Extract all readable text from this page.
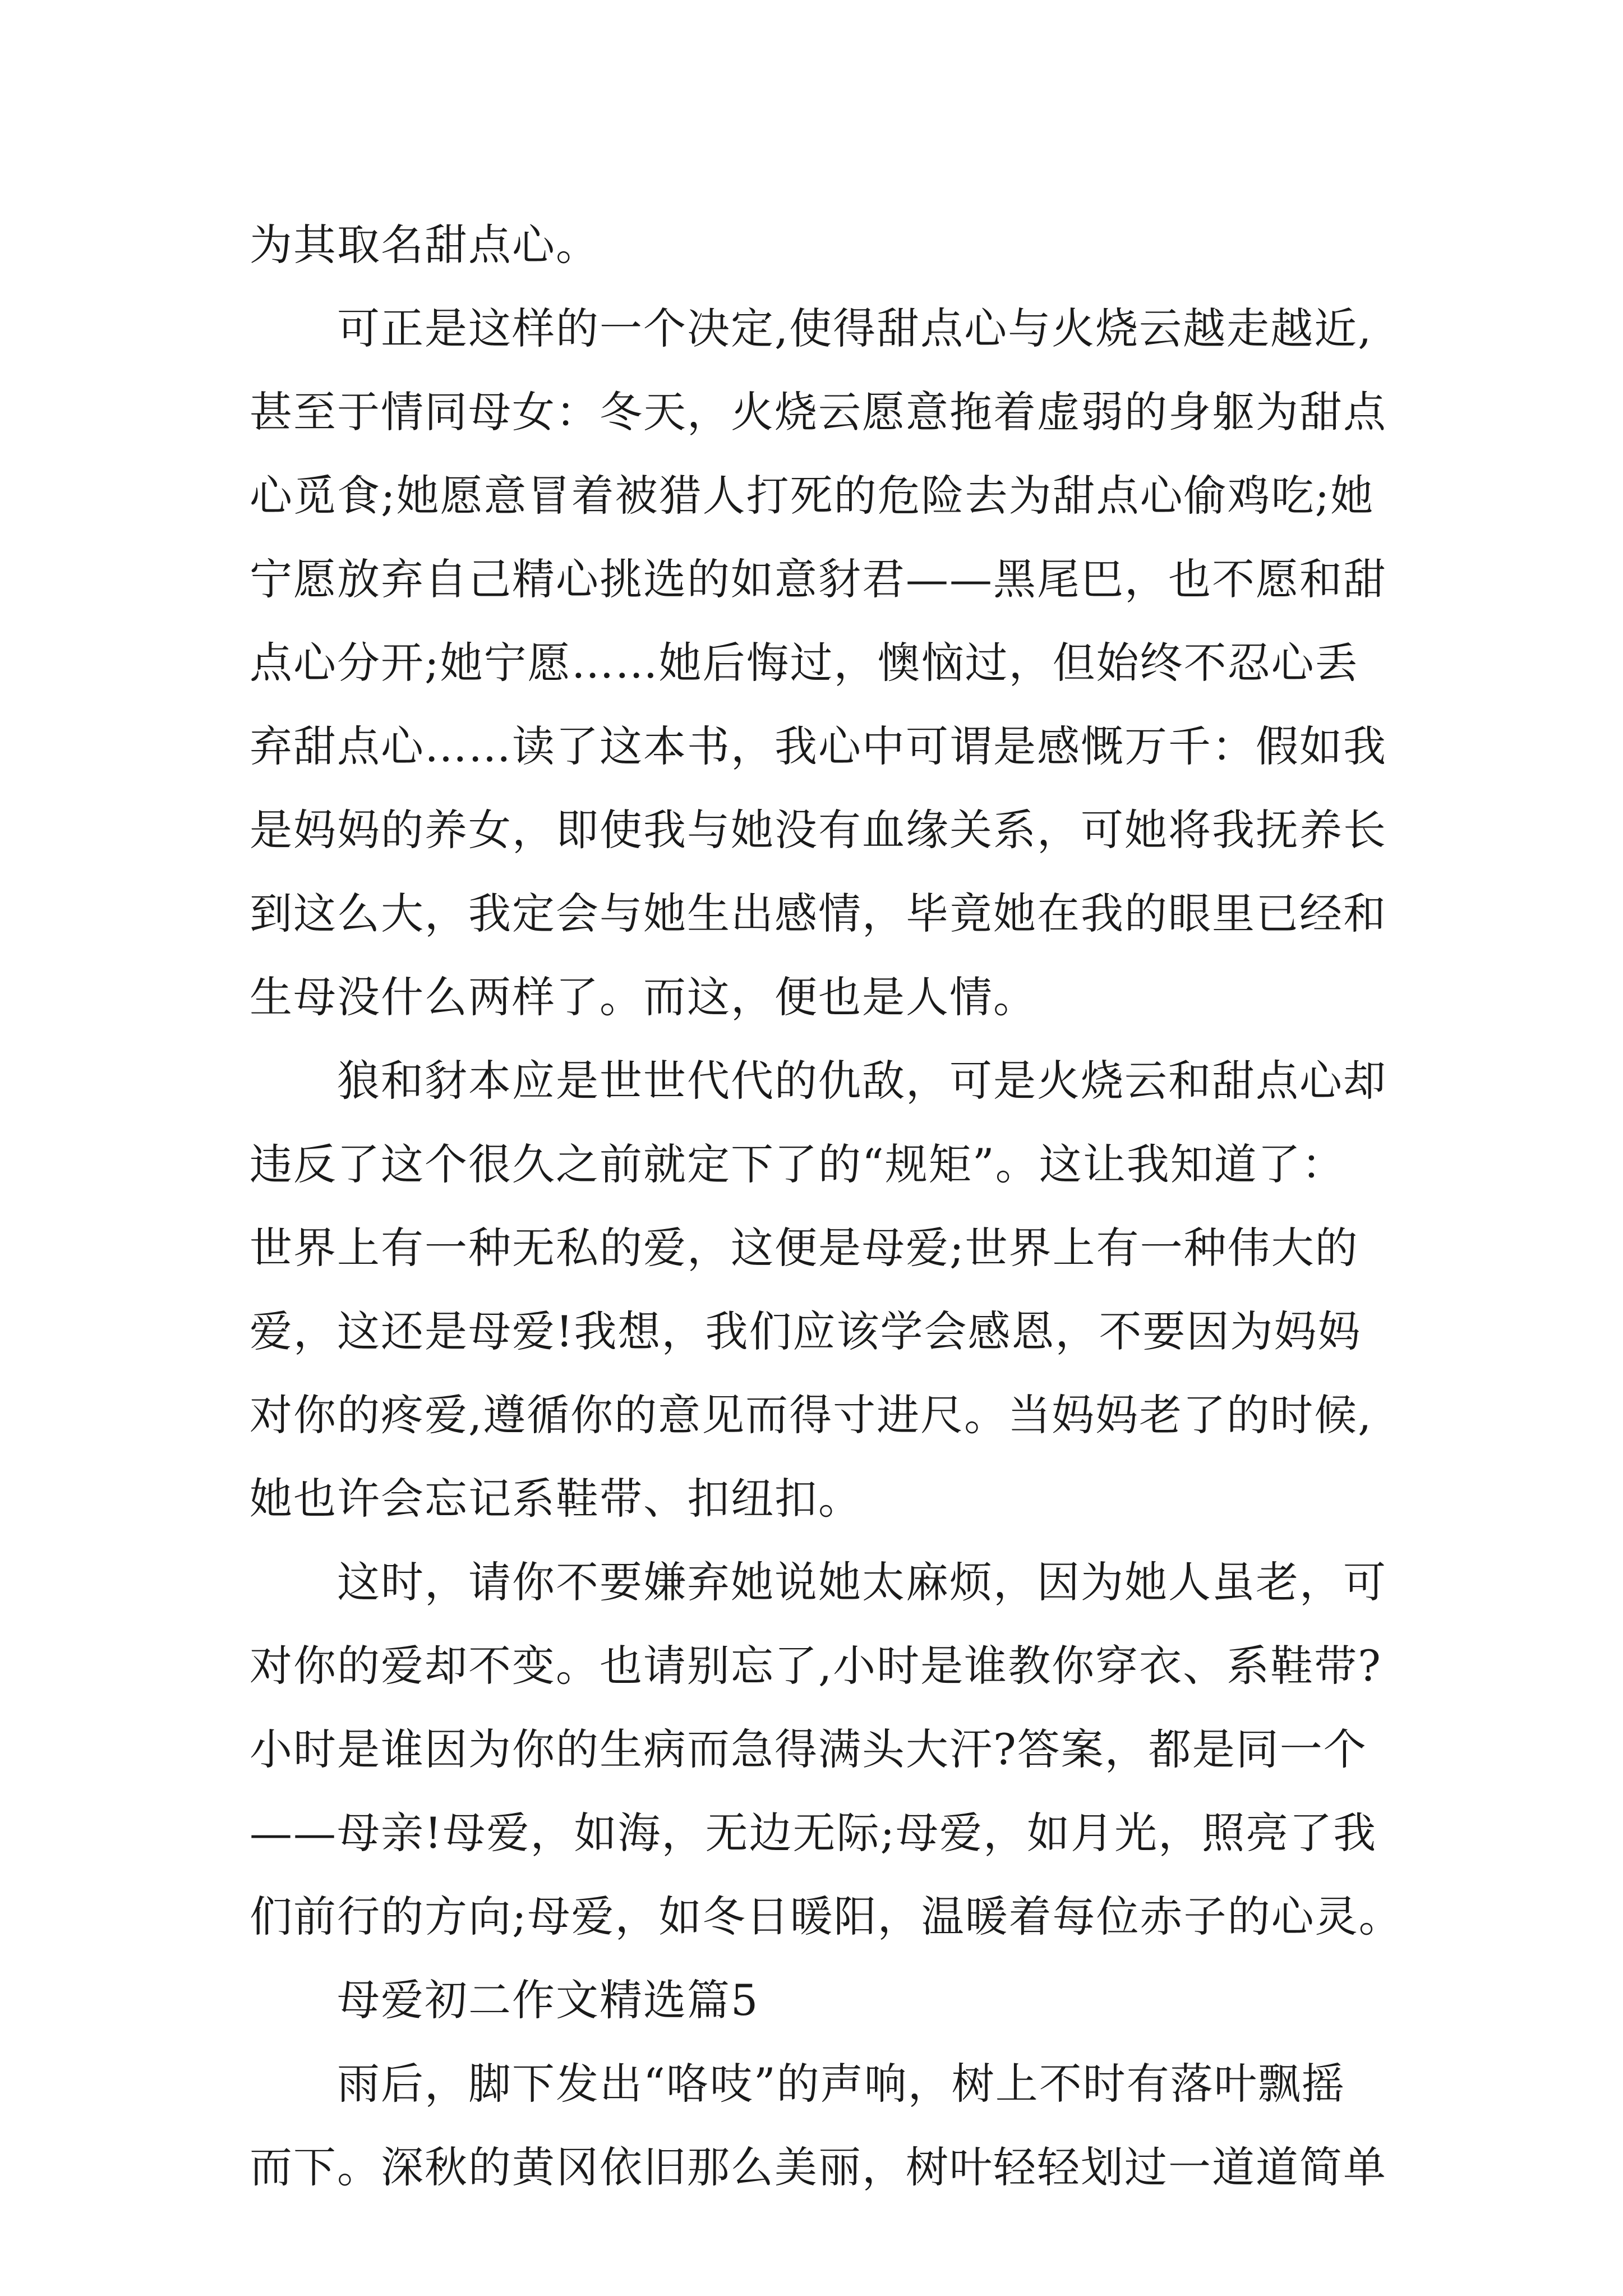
为其取名甜点心。
　　可正是这样的一个决定,使得甜点心与火烧云越走越近,
甚至于情同母女：冬天，火烧云愿意拖着虚弱的身躯为甜点
心觅食;她愿意冒着被猎人打死的危险去为甜点心偷鸡吃;她
宁愿放弃自己精心挑选的如意豺君——黑尾巴，也不愿和甜
点心分开;她宁愿……她后悔过，懊恼过，但始终不忍心丢
弃甜点心……读了这本书，我心中可谓是感慨万千：假如我
是妈妈的养女，即使我与她没有血缘关系，可她将我抚养长
到这么大，我定会与她生出感情，毕竟她在我的眼里已经和
生母没什么两样了。而这，便也是人情。
　　狼和豺本应是世世代代的仇敌，可是火烧云和甜点心却
违反了这个很久之前就定下了的“规矩”。这让我知道了：
世界上有一种无私的爱，这便是母爱;世界上有一种伟大的
爱，这还是母爱!我想，我们应该学会感恩，不要因为妈妈
对你的疼爱,遵循你的意见而得寸进尺。当妈妈老了的时候,
她也许会忘记系鞋带、扣纽扣。
　　这时，请你不要嫌弃她说她太麻烦，因为她人虽老，可
对你的爱却不变。也请别忘了,小时是谁教你穿衣、系鞋带?
小时是谁因为你的生病而急得满头大汗?答案，都是同一个
——母亲!母爱，如海，无边无际;母爱，如月光，照亮了我
们前行的方向;母爱，如冬日暖阳，温暖着每位赤子的心灵。
　　母爱初二作文精选篇5
　　雨后，脚下发出“咯吱”的声响，树上不时有落叶飘摇
而下。深秋的黄冈依旧那么美丽，树叶轻轻划过一道道简单
